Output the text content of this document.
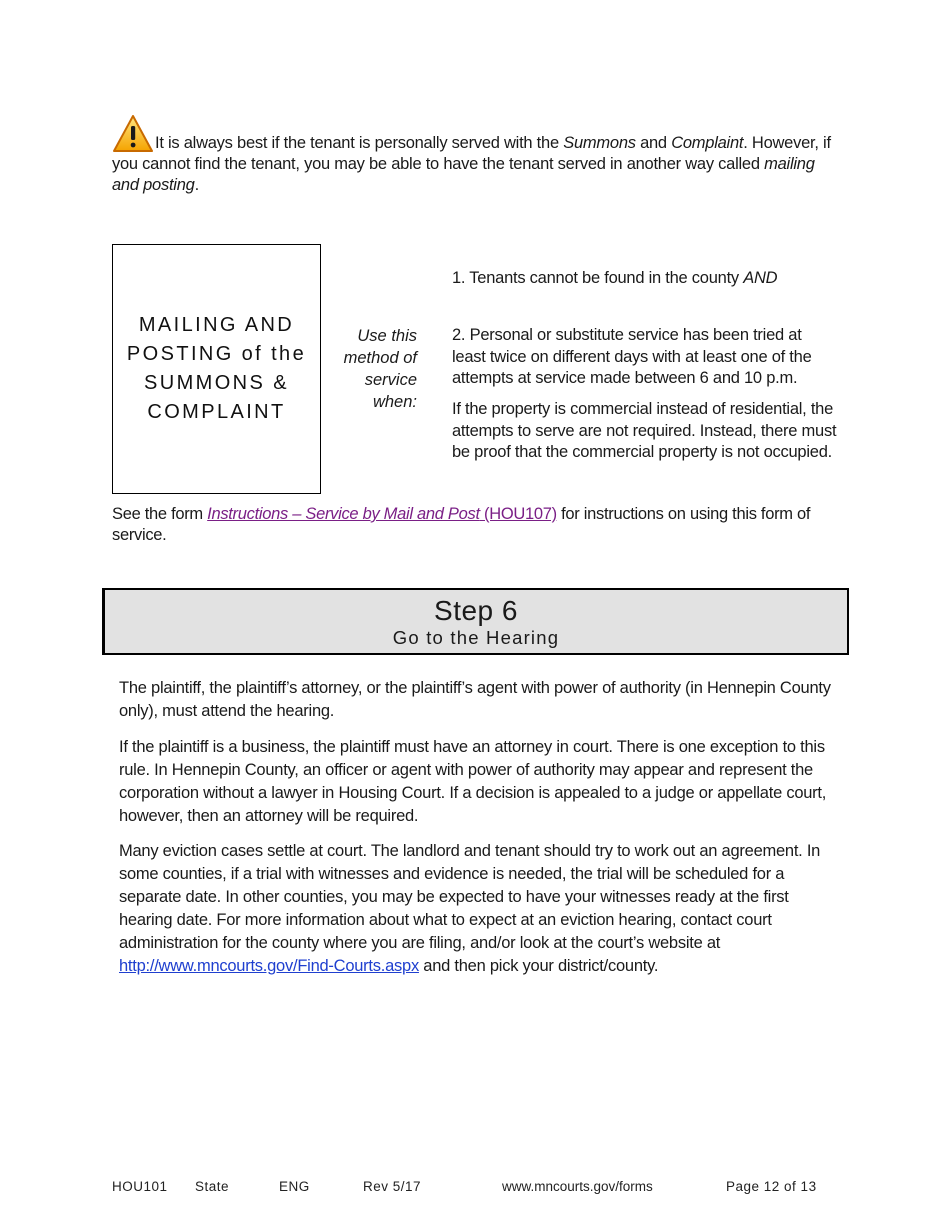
It is always best if the tenant is personally served with the Summons and Complaint. However, if you cannot find the tenant, you may be able to have the tenant served in another way called mailing and posting.
MAILING AND
POSTING of the
SUMMONS &
COMPLAINT
Use this
method of
service
when:
1. Tenants cannot be found in the county AND
2. Personal or substitute service has been tried at least twice on different days with at least one of the attempts at service made between 6 and 10 p.m.
If the property is commercial instead of residential, the attempts to serve are not required. Instead, there must be proof that the commercial property is not occupied.
See the form Instructions – Service by Mail and Post (HOU107) for instructions on using this form of service.
Step 6
Go to the Hearing
The plaintiff, the plaintiff’s attorney, or the plaintiff’s agent with power of authority (in Hennepin County only), must attend the hearing.
If the plaintiff is a business, the plaintiff must have an attorney in court. There is one exception to this rule. In Hennepin County, an officer or agent with power of authority may appear and represent the corporation without a lawyer in Housing Court. If a decision is appealed to a judge or appellate court, however, then an attorney will be required.
Many eviction cases settle at court. The landlord and tenant should try to work out an agreement. In some counties, if a trial with witnesses and evidence is needed, the trial will be scheduled for a separate date. In other counties, you may be expected to have your witnesses ready at the first hearing date. For more information about what to expect at an eviction hearing, contact court administration for the county where you are filing, and/or look at the court’s website at http://www.mncourts.gov/Find-Courts.aspx and then pick your district/county.
HOU101 State	ENG	Rev 5/17	www.mncourts.gov/forms	Page 12 of 13
